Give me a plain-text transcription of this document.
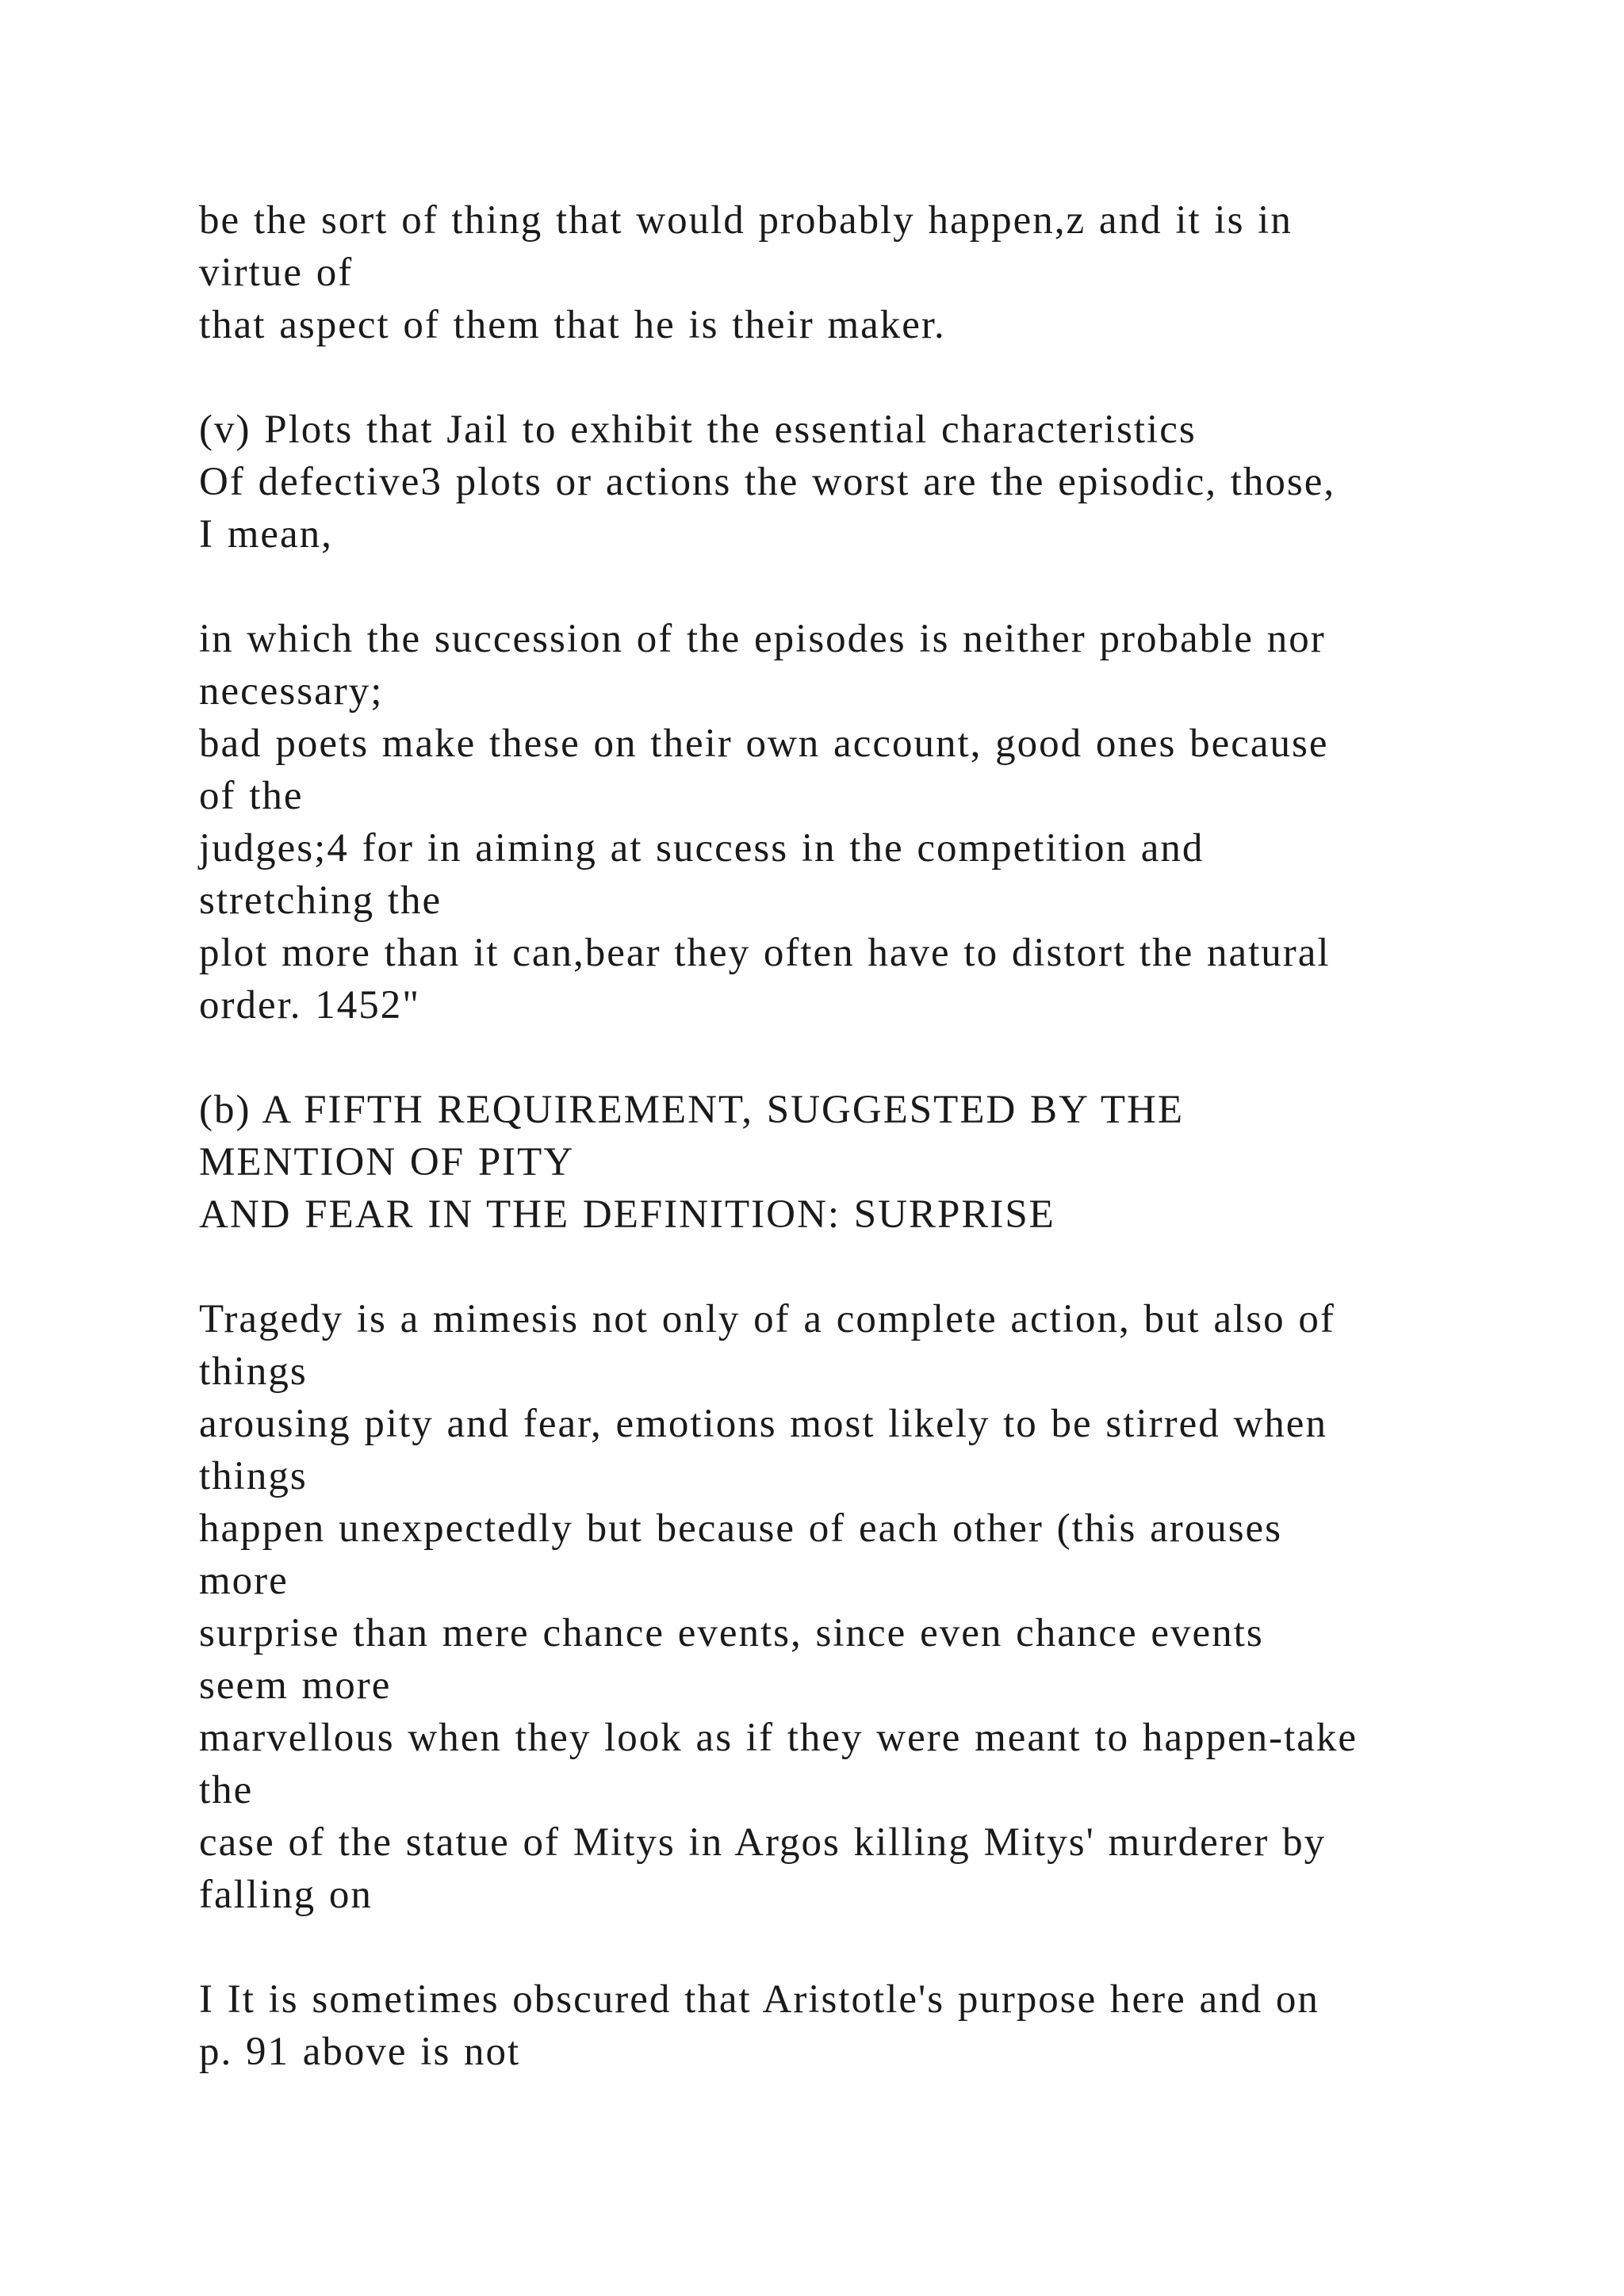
be the sort of thing that would probably happen,z and it is in
virtue of
that aspect of them that he is their maker.
(v) Plots that Jail to exhibit the essential characteristics
Of defective3 plots or actions the worst are the episodic, those,
I mean,
in which the succession of the episodes is neither probable nor
necessary;
bad poets make these on their own account, good ones because
of the
judges;4 for in aiming at success in the competition and
stretching the
plot more than it can,bear they often have to distort the natural
order. 1452"
(b) A FIFTH REQUIREMENT, SUGGESTED BY THE
MENTION OF PITY
AND FEAR IN THE DEFINITION: SURPRISE
Tragedy is a mimesis not only of a complete action, but also of
things
arousing pity and fear, emotions most likely to be stirred when
things
happen unexpectedly but because of each other (this arouses
more
surprise than mere chance events, since even chance events
seem more
marvellous when they look as if they were meant to happen-take
the
case of the statue of Mitys in Argos killing Mitys' murderer by
falling on
I It is sometimes obscured that Aristotle's purpose here and on
p. 91 above is not
